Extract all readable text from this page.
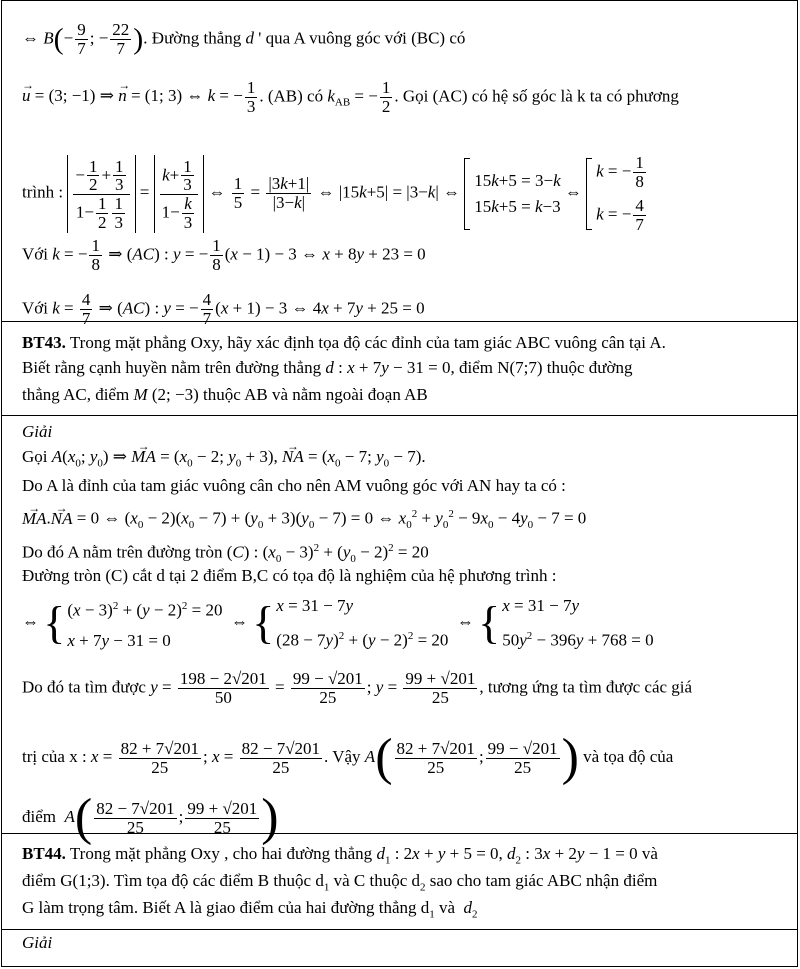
⇔ $B(- \frac{9}{7}$ ; − $\frac{22}{7}$ ). Đường thẳng d ' qua A vuông góc với (BC) có
→ u = (3; −1) ⇒ → n = (1; 3) ⇔ k = − $\frac{1}{3}$ . (AB) có $k_{AB}$ = − $\frac{1}{2}$ . Gọi (AC) có hệ số góc là k ta có phương
trình : $\frac{- \frac{1}{2} + \frac{1}{3}}{1- \frac{1}{2} \frac{1}{3}} = \frac{k+ \frac{1}{3}}{1- \frac{k}{3}}$ ⇔ $\frac{1}{5} = \frac{|3k+1|}{|3-k|}$ ⇔ |15k+5| = |3−k| ⇔
15k+5 = 3−k
15k+5 = k−3
⇔
k = − $\frac{1}{8}$
k = − $\frac{4}{7}$
Với k = − $\frac{1}{8}$ ⇒ (AC) : y = − $\frac{1}{8} (x - 1) - 3$ ⇔ x + 8y + 23 = 0
Với $k = \frac{4}{7}$ ⇒ (AC) : y = − $\frac{4}{7} (x + 1) - 3$ ⇔ 4x + 7y + 25 = 0
BT43. Trong mặt phẳng Oxy, hãy xác định tọa độ các đỉnh của tam giác ABC vuông cân tại A.
Biết rằng cạnh huyền nằm trên đường thẳng d : x + 7y − 31 = 0, điểm N(7;7) thuộc đường
thẳng AC, điểm M (2; −3) thuộc AB và nằm ngoài đoạn AB
Giải
Gọi $A(x_0$; $y_0$) ⇒ → MA = ($x_0 - 2$; $y_0 + 3$), → NA = ($x_0 - 7$; $y_0 - 7$).
Do A là đỉnh của tam giác vuông cân cho nên AM vuông góc với AN hay ta có :
→ MA.→ NA = 0 ⇔ $(x_0 - 2)(x_0 - 7) + (y_0 + 3)(y_0 - 7) = 0$ ⇔ $x_0^2 + y_0^2 - 9x_0 - 4y_0 - 7 = 0$
Do đó A nằm trên đường tròn (C) : $(x_0 - 3)^2 + (y_0 - 2)^2 = 20$
Đường tròn (C) cắt d tại 2 điểm B,C có tọa độ là nghiệm của hệ phương trình :
⇔ { $(x - 3)^2 + (y - 2)^2 = 20$
x + 7y − 31 = 0
⇔ { x = 31 − 7y
$(28 - 7y)^2 + (y - 2)^2 = 20$
⇔ { x = 31 − 7y
$50y^2 - 396y + 768 = 0$
Do đó ta tìm được $y = \frac{198 - 2√201}{50} = \frac{99 - √201}{25}$ ; $y = \frac{99 + √201}{25}$ , tương ứng ta tìm được các giá
trị của x : $x = \frac{82 + 7√201}{25}$ ; $x = \frac{82 - 7√201}{25}$ . Vậy $A( \frac{82 + 7√201}{25}$ ; $\frac{99 - √201}{25}$ ) và tọa độ của
điểm $A( \frac{82 - 7√201}{25}$ ; $\frac{99 + √201}{25}$ )
BT44. Trong mặt phẳng Oxy , cho hai đường thẳng $d_1$ : 2x + y + 5 = 0, $d_2$ : 3x + 2y − 1 = 0 và
điểm G(1;3). Tìm tọa độ các điểm B thuộc $d_1$ và C thuộc $d_2$ sao cho tam giác ABC nhận điểm
G làm trọng tâm. Biết A là giao điểm của hai đường thẳng $d_1$ và $d_2$
Giải
